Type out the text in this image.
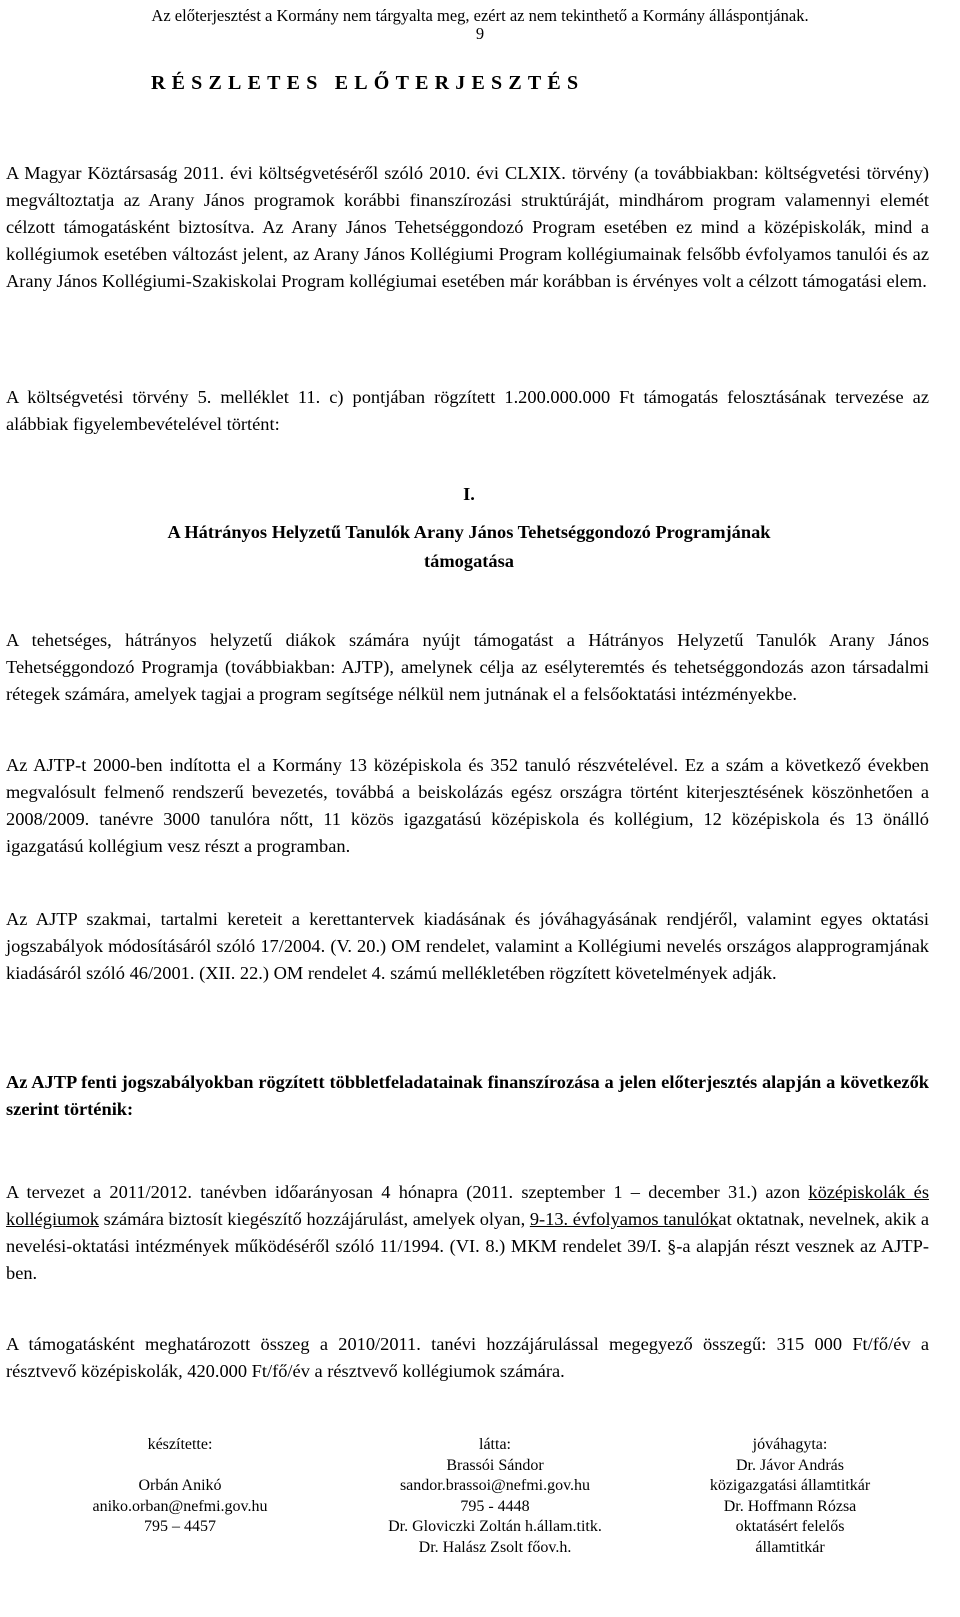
Az előterjesztést a Kormány nem tárgyalta meg, ezért az nem tekinthető a Kormány álláspontjának.
9
RÉSZLETES ELŐTERJESZTÉS

A Magyar Köztársaság 2011. évi költségvetéséről szóló 2010. évi CLXIX. törvény (a továbbiakban: költségvetési törvény) megváltoztatja az Arany János programok korábbi finanszírozási struktúráját, mindhárom program valamennyi elemét célzott támogatásként biztosítva. Az Arany János Tehetséggondozó Program esetében ez mind a középiskolák, mind a kollégiumok esetében változást jelent, az Arany János Kollégiumi Program kollégiumainak felsőbb évfolyamos tanulói és az Arany János Kollégiumi-Szakiskolai Program kollégiumai esetében már korábban is érvényes volt a célzott támogatási elem.

A költségvetési törvény 5. melléklet 11. c) pontjában rögzített 1.200.000.000 Ft támogatás felosztásának tervezése az alábbiak figyelembevételével történt:

I.

A Hátrányos Helyzetű Tanulók Arany János Tehetséggondozó Programjának

támogatása

A tehetséges, hátrányos helyzetű diákok számára nyújt támogatást a Hátrányos Helyzetű Tanulók Arany János Tehetséggondozó Programja (továbbiakban: AJTP), amelynek célja az esélyteremtés és tehetséggondozás azon társadalmi rétegek számára, amelyek tagjai a program segítsége nélkül nem jutnának el a felsőoktatási intézményekbe.

Az AJTP-t 2000-ben indította el a Kormány 13 középiskola és 352 tanuló részvételével. Ez a szám a következő években megvalósult felmenő rendszerű bevezetés, továbbá a beiskolázás egész országra történt kiterjesztésének köszönhetően a 2008/2009. tanévre 3000 tanulóra nőtt, 11 közös igazgatású középiskola és kollégium, 12 középiskola és 13 önálló igazgatású kollégium vesz részt a programban.

Az AJTP szakmai, tartalmi kereteit a kerettantervek kiadásának és jóváhagyásának rendjéről, valamint egyes oktatási jogszabályok módosításáról szóló 17/2004. (V. 20.) OM rendelet, valamint a Kollégiumi nevelés országos alapprogramjának kiadásáról szóló 46/2001. (XII. 22.) OM rendelet 4. számú mellékletében rögzített követelmények adják.

Az AJTP fenti jogszabályokban rögzített többletfeladatainak finanszírozása a jelen előterjesztés alapján a következők szerint történik:

A tervezet a 2011/2012. tanévben időarányosan 4 hónapra (2011. szeptember 1 – december 31.) azon középiskolák és kollégiumok számára biztosít kiegészítő hozzájárulást, amelyek olyan, 9-13. évfolyamos tanulókat oktatnak, nevelnek, akik a nevelési-oktatási intézmények működéséről szóló 11/1994. (VI. 8.) MKM rendelet 39/I. §-a alapján részt vesznek az AJTP-ben.

A támogatásként meghatározott összeg a 2010/2011. tanévi hozzájárulással megegyező összegű: 315 000 Ft/fő/év a résztvevő középiskolák, 420.000 Ft/fő/év a résztvevő kollégiumok számára.

készítette:
Orbán Anikó
aniko.orban@nefmi.gov.hu
795 – 4457
látta:
Brassói Sándor
sandor.brassoi@nefmi.gov.hu
795 - 4448
Dr. Gloviczki Zoltán h.állam.titk.
Dr. Halász Zsolt főov.h.
jóváhagyta:
Dr. Jávor András
közigazgatási államtitkár
Dr. Hoffmann Rózsa
oktatásért felelős
államtitkár
